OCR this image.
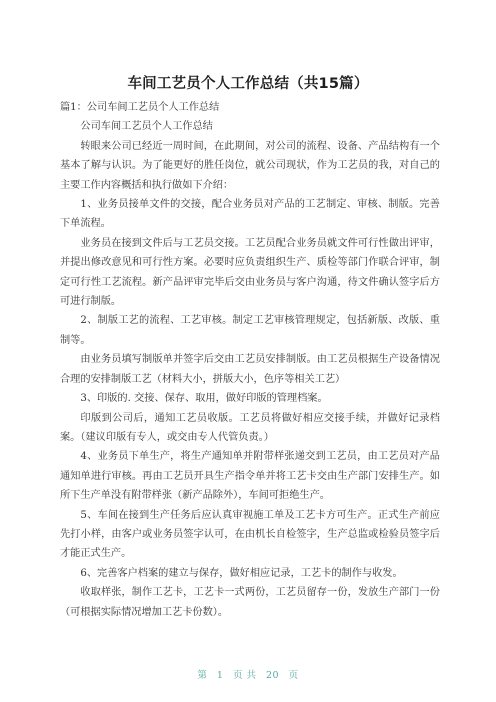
车间工艺员个人工作总结（共15篇）

篇1：公司车间工艺员个人工作总结

公司车间工艺员个人工作总结

转眼来公司已经近一周时间，在此期间，对公司的流程、设备、产品结构有一个基本了解与认识。为了能更好的胜任岗位，就公司现状，作为工艺员的我，对自己的主要工作内容概括和执行做如下介绍：

1、业务员接单文件的交接，配合业务员对产品的工艺制定、审核、制版。完善下单流程。

业务员在接到文件后与工艺员交接。工艺员配合业务员就文件可行性做出评审，并提出修改意见和可行性方案。必要时应负责组织生产、质检等部门作联合评审，制定可行性工艺流程。新产品评审完毕后交由业务员与客户沟通，待文件确认签字后方可进行制版。

2、制版工艺的流程、工艺审核。制定工艺审核管理规定，包括新版、改版、重制等。

由业务员填写制版单并签字后交由工艺员安排制版。由工艺员根据生产设备情况合理的安排制版工艺（材料大小，拼版大小，色序等相关工艺）

3、印版的. 交接、保存、取用，做好印版的管理档案。

印版到公司后，通知工艺员收版。工艺员将做好相应交接手续，并做好记录档案。（建议印版有专人，或交由专人代管负责。）

4、业务员下单生产，将生产通知单并附带样张递交到工艺员，由工艺员对产品通知单进行审核。再由工艺员开具生产指令单并将工艺卡交由生产部门安排生产。如所下生产单没有附带样张（新产品除外），车间可拒绝生产。

5、车间在接到生产任务后应认真审视施工单及工艺卡方可生产。正式生产前应先打小样，由客户或业务员签字认可，在由机长自检签字，生产总监或检验员签字后才能正式生产。

6、完善客户档案的建立与保存，做好相应记录，工艺卡的制作与收发。

收取样张，制作工艺卡，工艺卡一式两份，工艺员留存一份，发放生产部门一份（可根据实际情况增加工艺卡份数）。

第 1 页 共 20 页
